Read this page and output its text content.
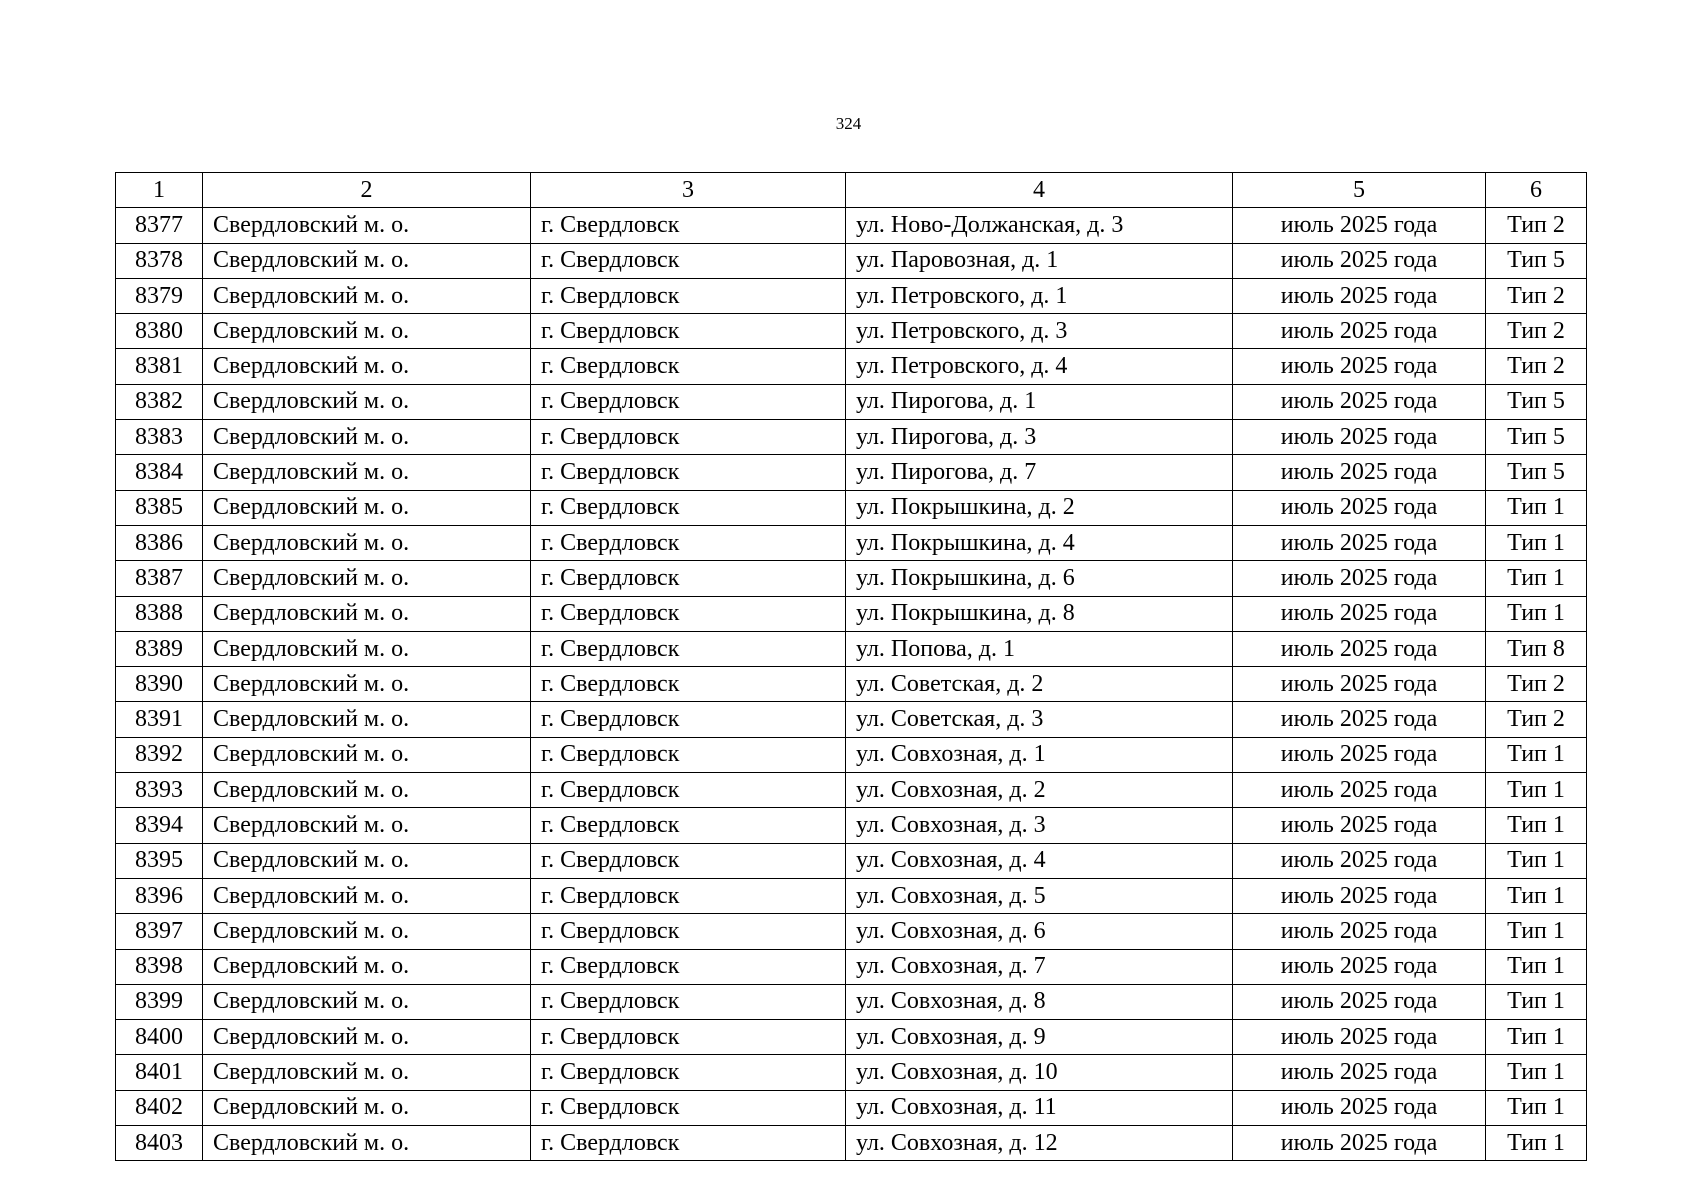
324
1	2	3	4	5	6
8377	Свердловский м. о.	г. Свердловск	ул. Ново-Должанская, д. 3	июль 2025 года	Тип 2
8378	Свердловский м. о.	г. Свердловск	ул. Паровозная, д. 1	июль 2025 года	Тип 5
8379	Свердловский м. о.	г. Свердловск	ул. Петровского, д. 1	июль 2025 года	Тип 2
8380	Свердловский м. о.	г. Свердловск	ул. Петровского, д. 3	июль 2025 года	Тип 2
8381	Свердловский м. о.	г. Свердловск	ул. Петровского, д. 4	июль 2025 года	Тип 2
8382	Свердловский м. о.	г. Свердловск	ул. Пирогова, д. 1	июль 2025 года	Тип 5
8383	Свердловский м. о.	г. Свердловск	ул. Пирогова, д. 3	июль 2025 года	Тип 5
8384	Свердловский м. о.	г. Свердловск	ул. Пирогова, д. 7	июль 2025 года	Тип 5
8385	Свердловский м. о.	г. Свердловск	ул. Покрышкина, д. 2	июль 2025 года	Тип 1
8386	Свердловский м. о.	г. Свердловск	ул. Покрышкина, д. 4	июль 2025 года	Тип 1
8387	Свердловский м. о.	г. Свердловск	ул. Покрышкина, д. 6	июль 2025 года	Тип 1
8388	Свердловский м. о.	г. Свердловск	ул. Покрышкина, д. 8	июль 2025 года	Тип 1
8389	Свердловский м. о.	г. Свердловск	ул. Попова, д. 1	июль 2025 года	Тип 8
8390	Свердловский м. о.	г. Свердловск	ул. Советская, д. 2	июль 2025 года	Тип 2
8391	Свердловский м. о.	г. Свердловск	ул. Советская, д. 3	июль 2025 года	Тип 2
8392	Свердловский м. о.	г. Свердловск	ул. Совхозная, д. 1	июль 2025 года	Тип 1
8393	Свердловский м. о.	г. Свердловск	ул. Совхозная, д. 2	июль 2025 года	Тип 1
8394	Свердловский м. о.	г. Свердловск	ул. Совхозная, д. 3	июль 2025 года	Тип 1
8395	Свердловский м. о.	г. Свердловск	ул. Совхозная, д. 4	июль 2025 года	Тип 1
8396	Свердловский м. о.	г. Свердловск	ул. Совхозная, д. 5	июль 2025 года	Тип 1
8397	Свердловский м. о.	г. Свердловск	ул. Совхозная, д. 6	июль 2025 года	Тип 1
8398	Свердловский м. о.	г. Свердловск	ул. Совхозная, д. 7	июль 2025 года	Тип 1
8399	Свердловский м. о.	г. Свердловск	ул. Совхозная, д. 8	июль 2025 года	Тип 1
8400	Свердловский м. о.	г. Свердловск	ул. Совхозная, д. 9	июль 2025 года	Тип 1
8401	Свердловский м. о.	г. Свердловск	ул. Совхозная, д. 10	июль 2025 года	Тип 1
8402	Свердловский м. о.	г. Свердловск	ул. Совхозная, д. 11	июль 2025 года	Тип 1
8403	Свердловский м. о.	г. Свердловск	ул. Совхозная, д. 12	июль 2025 года	Тип 1
